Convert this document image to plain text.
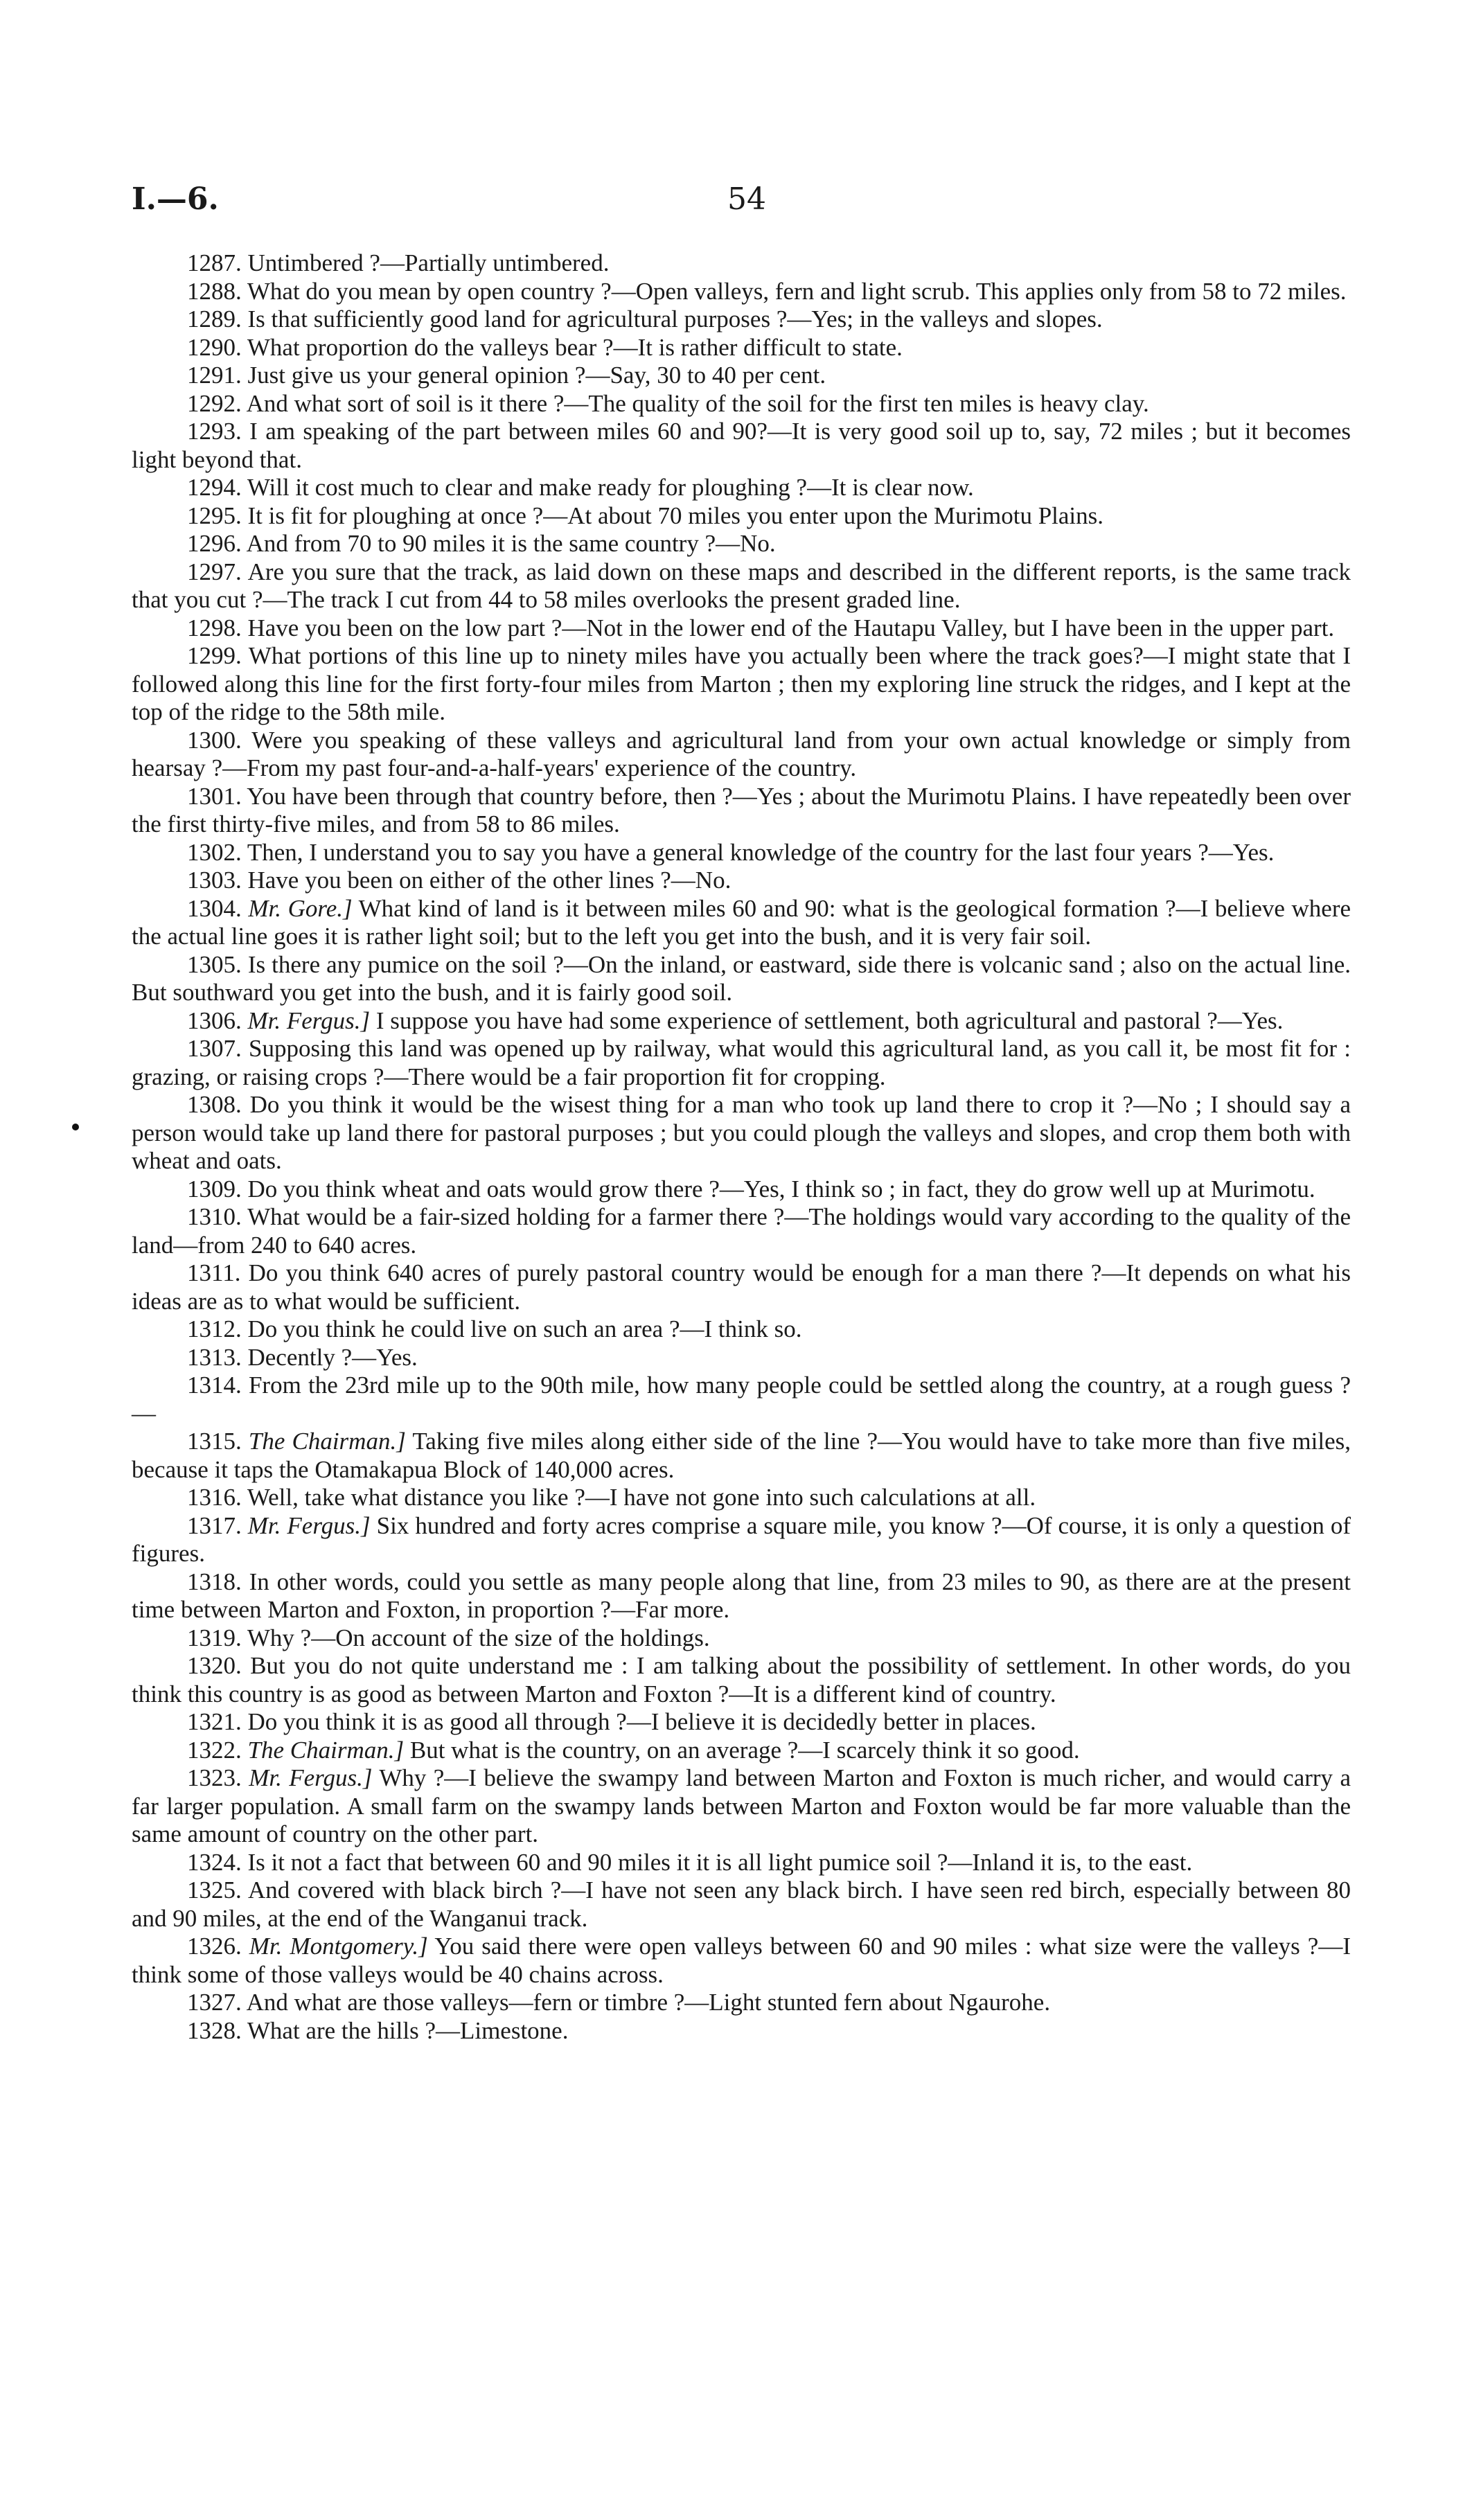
I.—6.	54

1287. Untimbered ?—Partially untimbered.

1288. What do you mean by open country ?—Open valleys, fern and light scrub. This applies only from 58 to 72 miles.

1289. Is that sufficiently good land for agricultural purposes ?—Yes; in the valleys and slopes.

1290. What proportion do the valleys bear ?—It is rather difficult to state.

1291. Just give us your general opinion ?—Say, 30 to 40 per cent.

1292. And what sort of soil is it there ?—The quality of the soil for the first ten miles is heavy clay.

1293. I am speaking of the part between miles 60 and 90?—It is very good soil up to, say, 72 miles ; but it becomes light beyond that.

1294. Will it cost much to clear and make ready for ploughing ?—It is clear now.

1295. It is fit for ploughing at once ?—At about 70 miles you enter upon the Murimotu Plains.

1296. And from 70 to 90 miles it is the same country ?—No.

1297. Are you sure that the track, as laid down on these maps and described in the different reports, is the same track that you cut ?—The track I cut from 44 to 58 miles overlooks the present graded line.

1298. Have you been on the low part ?—Not in the lower end of the Hautapu Valley, but I have been in the upper part.

1299. What portions of this line up to ninety miles have you actually been where the track goes?—I might state that I followed along this line for the first forty-four miles from Marton ; then my exploring line struck the ridges, and I kept at the top of the ridge to the 58th mile.

1300. Were you speaking of these valleys and agricultural land from your own actual knowledge or simply from hearsay ?—From my past four-and-a-half-years' experience of the country.

1301. You have been through that country before, then ?—Yes ; about the Murimotu Plains. I have repeatedly been over the first thirty-five miles, and from 58 to 86 miles.

1302. Then, I understand you to say you have a general knowledge of the country for the last four years ?—Yes.

1303. Have you been on either of the other lines ?—No.

1304. Mr. Gore.] What kind of land is it between miles 60 and 90: what is the geological formation ?—I believe where the actual line goes it is rather light soil; but to the left you get into the bush, and it is very fair soil.

1305. Is there any pumice on the soil ?—On the inland, or eastward, side there is volcanic sand ; also on the actual line. But southward you get into the bush, and it is fairly good soil.

1306. Mr. Fergus.] I suppose you have had some experience of settlement, both agricultural and pastoral ?—Yes.

1307. Supposing this land was opened up by railway, what would this agricultural land, as you call it, be most fit for : grazing, or raising crops ?—There would be a fair proportion fit for cropping.

1308. Do you think it would be the wisest thing for a man who took up land there to crop it ?—No ; I should say a person would take up land there for pastoral purposes ; but you could plough the valleys and slopes, and crop them both with wheat and oats.

1309. Do you think wheat and oats would grow there ?—Yes, I think so ; in fact, they do grow well up at Murimotu.

1310. What would be a fair-sized holding for a farmer there ?—The holdings would vary according to the quality of the land—from 240 to 640 acres.

1311. Do you think 640 acres of purely pastoral country would be enough for a man there ?—It depends on what his ideas are as to what would be sufficient.

1312. Do you think he could live on such an area ?—I think so.

1313. Decently ?—Yes.

1314. From the 23rd mile up to the 90th mile, how many people could be settled along the country, at a rough guess ?—

1315. The Chairman.] Taking five miles along either side of the line ?—You would have to take more than five miles, because it taps the Otamakapua Block of 140,000 acres.

1316. Well, take what distance you like ?—I have not gone into such calculations at all.

1317. Mr. Fergus.] Six hundred and forty acres comprise a square mile, you know ?—Of course, it is only a question of figures.

1318. In other words, could you settle as many people along that line, from 23 miles to 90, as there are at the present time between Marton and Foxton, in proportion ?—Far more.

1319. Why ?—On account of the size of the holdings.

1320. But you do not quite understand me : I am talking about the possibility of settlement. In other words, do you think this country is as good as between Marton and Foxton ?—It is a different kind of country.

1321. Do you think it is as good all through ?—I believe it is decidedly better in places.

1322. The Chairman.] But what is the country, on an average ?—I scarcely think it so good.

1323. Mr. Fergus.] Why ?—I believe the swampy land between Marton and Foxton is much richer, and would carry a far larger population. A small farm on the swampy lands between Marton and Foxton would be far more valuable than the same amount of country on the other part.

1324. Is it not a fact that between 60 and 90 miles it it is all light pumice soil ?—Inland it is, to the east.

1325. And covered with black birch ?—I have not seen any black birch. I have seen red birch, especially between 80 and 90 miles, at the end of the Wanganui track.

1326. Mr. Montgomery.] You said there were open valleys between 60 and 90 miles : what size were the valleys ?—I think some of those valleys would be 40 chains across.

1327. And what are those valleys—fern or timbre ?—Light stunted fern about Ngaurohe.

1328. What are the hills ?—Limestone.
